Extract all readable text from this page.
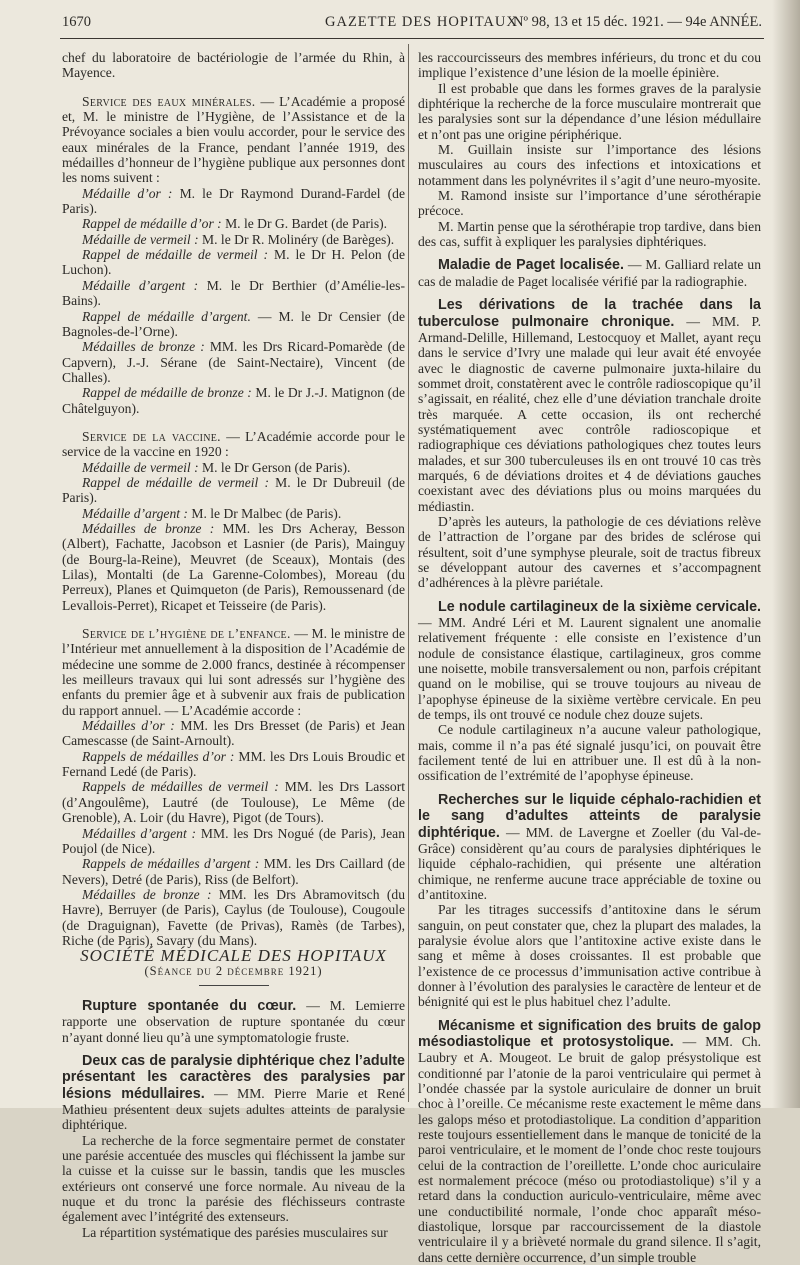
1670	GAZETTE DES HOPITAUX
Nº 98, 13 et 15 déc. 1921. — 94e ANNÉE.

chef du laboratoire de bactériologie de l’armée du Rhin, à Mayence.

Service des eaux minérales. — L’Académie a proposé et, M. le ministre de l’Hygiène, de l’Assistance et de la Prévoyance sociales a bien voulu accorder, pour le service des eaux minérales de la France, pendant l’année 1919, des médailles d’honneur de l’hygiène publique aux personnes dont les noms suivent :

Médaille d’or : M. le Dr Raymond Durand-Fardel (de Paris).

Rappel de médaille d’or : M. le Dr G. Bardet (de Paris).

Médaille de vermeil : M. le Dr R. Molinéry (de Barèges).

Rappel de médaille de vermeil : M. le Dr H. Pelon (de Luchon).

Médaille d’argent : M. le Dr Berthier (d’Amélie-les-Bains).

Rappel de médaille d’argent. — M. le Dr Censier (de Bagnoles-de-l’Orne).

Médailles de bronze : MM. les Drs Ricard-Pomarède (de Capvern), J.-J. Sérane (de Saint-Nectaire), Vincent (de Challes).

Rappel de médaille de bronze : M. le Dr J.-J. Matignon (de Châtelguyon).

Service de la vaccine. — L’Académie accorde pour le service de la vaccine en 1920 :

Médaille de vermeil : M. le Dr Gerson (de Paris).

Rappel de médaille de vermeil : M. le Dr Dubreuil (de Paris).

Médaille d’argent : M. le Dr Malbec (de Paris).

Médailles de bronze : MM. les Drs Acheray, Besson (Albert), Fachatte, Jacobson et Lasnier (de Paris), Mainguy (de Bourg-la-Reine), Meuvret (de Sceaux), Montais (des Lilas), Montalti (de La Garenne-Colombes), Moreau (du Perreux), Planes et Quimqueton (de Paris), Remoussenard (de Levallois-Perret), Ricapet et Teisseire (de Paris).

Service de l’hygiène de l’enfance. — M. le ministre de l’Intérieur met annuellement à la disposition de l’Académie de médecine une somme de 2.000 francs, destinée à récompenser les meilleurs travaux qui lui sont adressés sur l’hygiène des enfants du premier âge et à subvenir aux frais de publication du rapport annuel. — L’Académie accorde :

Médailles d’or : MM. les Drs Bresset (de Paris) et Jean Camescasse (de Saint-Arnoult).

Rappels de médailles d’or : MM. les Drs Louis Broudic et Fernand Ledé (de Paris).

Rappels de médailles de vermeil : MM. les Drs Lassort (d’Angoulême), Lautré (de Toulouse), Le Même (de Grenoble), A. Loir (du Havre), Pigot (de Tours).

Médailles d’argent : MM. les Drs Nogué (de Paris), Jean Poujol (de Nice).

Rappels de médailles d’argent : MM. les Drs Caillard (de Nevers), Detré (de Paris), Riss (de Belfort).

Médailles de bronze : MM. les Drs Abramovitsch (du Havre), Berruyer (de Paris), Caylus (de Toulouse), Cougoule (de Draguignan), Favette (de Privas), Ramès (de Tarbes), Riche (de Paris), Savary (du Mans).

SOCIÉTÉ MÉDICALE DES HOPITAUX

(Séance du 2 décembre 1921)

Rupture spontanée du cœur. — M. Lemierre rapporte une observation de rupture spontanée du cœur n’ayant donné lieu qu’à une symptomatologie fruste.

Deux cas de paralysie diphtérique chez l’adulte présentant les caractères des paralysies par lésions médullaires. — MM. Pierre Marie et René Mathieu présentent deux sujets adultes atteints de paralysie diphtérique.

La recherche de la force segmentaire permet de constater une parésie accentuée des muscles qui fléchissent la jambe sur la cuisse et la cuisse sur le bassin, tandis que les muscles extérieurs ont conservé une force normale. Au niveau de la nuque et du tronc la parésie des fléchisseurs contraste également avec l’intégrité des extenseurs.

La répartition systématique des parésies musculaires sur

les raccourcisseurs des membres inférieurs, du tronc et du cou implique l’existence d’une lésion de la moelle épinière.

Il est probable que dans les formes graves de la paralysie diphtérique la recherche de la force musculaire montrerait que les paralysies sont sur la dépendance d’une lésion médullaire et n’ont pas une origine périphérique.

M. Guillain insiste sur l’importance des lésions musculaires au cours des infections et intoxications et notamment dans les polynévrites il s’agit d’une neuro-myosite.

M. Ramond insiste sur l’importance d’une sérothérapie précoce.

M. Martin pense que la sérothérapie trop tardive, dans bien des cas, suffit à expliquer les paralysies diphtériques.

Maladie de Paget localisée. — M. Galliard relate un cas de maladie de Paget localisée vérifié par la radiographie.

Les dérivations de la trachée dans la tuberculose pulmonaire chronique. — MM. P. Armand-Delille, Hillemand, Lestocquoy et Mallet, ayant reçu dans le service d’Ivry une malade qui leur avait été envoyée avec le diagnostic de caverne pulmonaire juxta-hilaire du sommet droit, constatèrent avec le contrôle radioscopique qu’il s’agissait, en réalité, chez elle d’une déviation tranchale droite très marquée. A cette occasion, ils ont recherché systématiquement avec contrôle radioscopique et radiographique ces déviations pathologiques chez toutes leurs malades, et sur 300 tuberculeuses ils en ont trouvé 10 cas très marqués, 6 de déviations droites et 4 de déviations gauches coexistant avec des déviations plus ou moins marquées du médiastin.

D’après les auteurs, la pathologie de ces déviations relève de l’attraction de l’organe par des brides de sclérose qui résultent, soit d’une symphyse pleurale, soit de tractus fibreux se développant autour des cavernes et s’accompagnent d’adhérences à la plèvre pariétale.

Le nodule cartilagineux de la sixième cervicale. — MM. André Léri et M. Laurent signalent une anomalie relativement fréquente : elle consiste en l’existence d’un nodule de consistance élastique, cartilagineux, gros comme une noisette, mobile transversalement ou non, parfois crépitant quand on le mobilise, qui se trouve toujours au niveau de l’apophyse épineuse de la sixième vertèbre cervicale. En peu de temps, ils ont trouvé ce nodule chez douze sujets.

Ce nodule cartilagineux n’a aucune valeur pathologique, mais, comme il n’a pas été signalé jusqu’ici, on pouvait être facilement tenté de lui en attribuer une. Il est dû à la non-ossification de l’extrémité de l’apophyse épineuse.

Recherches sur le liquide céphalo-rachidien et le sang d’adultes atteints de paralysie diphtérique. — MM. de Lavergne et Zoeller (du Val-de-Grâce) considèrent qu’au cours de paralysies diphtériques le liquide céphalo-rachidien, qui présente une altération chimique, ne renferme aucune trace appréciable de toxine ou d’antitoxine.

Par les titrages successifs d’antitoxine dans le sérum sanguin, on peut constater que, chez la plupart des malades, la paralysie évolue alors que l’antitoxine active existe dans le sang et même à doses croissantes. Il est probable que l’existence de ce processus d’immunisation active contribue à donner à l’évolution des paralysies le caractère de lenteur et de bénignité qui est le plus habituel chez l’adulte.

Mécanisme et signification des bruits de galop mésodiastolique et protosystolique. — MM. Ch. Laubry et A. Mougeot. Le bruit de galop présystolique est conditionné par l’atonie de la paroi ventriculaire qui permet à l’ondée chassée par la systole auriculaire de donner un bruit choc à l’oreille. Ce mécanisme reste exactement le même dans les galops méso et protodiastolique. La condition d’apparition reste toujours essentiellement dans le manque de tonicité de la paroi ventriculaire, et le moment de l’onde choc reste toujours celui de la contraction de l’oreillette. L’onde choc auriculaire est normalement précoce (méso ou protodiastolique) s’il y a retard dans la conduction auriculo-ventriculaire, même avec une conductibilité normale, l’onde choc apparaît méso-diastolique, lorsque par raccourcissement de la diastole ventriculaire il y a brièveté normale du grand silence. Il s’agit, dans cette dernière occurrence, d’un simple trouble
